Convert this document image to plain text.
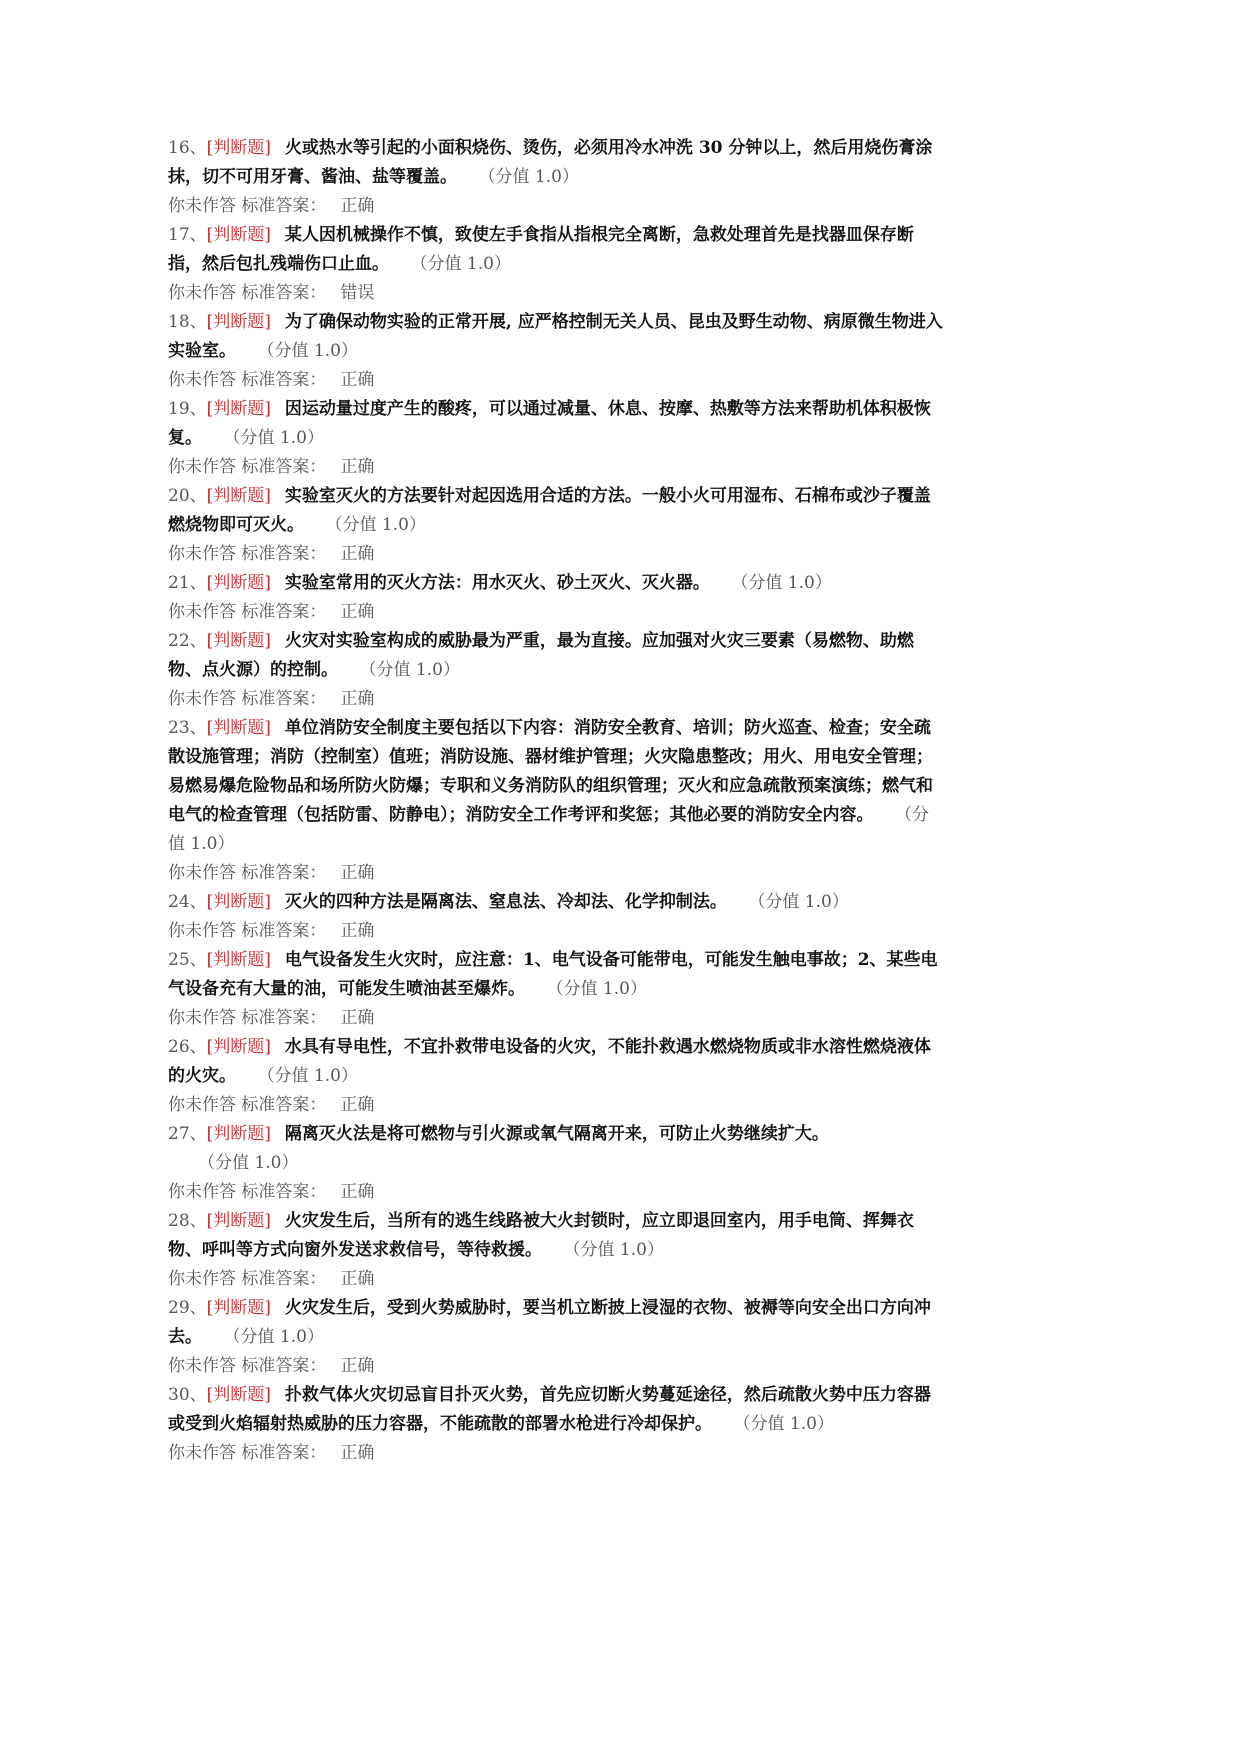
16、[判断题] 火或热水等引起的小面积烧伤、烫伤，必须用冷水冲洗 30 分钟以上，然后用烧伤膏涂抹，切不可用牙膏、酱油、盐等覆盖。 （分值 1.0）

你未作答 标准答案： 正确

17、[判断题] 某人因机械操作不慎，致使左手食指从指根完全离断，急救处理首先是找器皿保存断指，然后包扎残端伤口止血。 （分值 1.0）

你未作答 标准答案： 错误

18、[判断题] 为了确保动物实验的正常开展, 应严格控制无关人员、昆虫及野生动物、病原微生物进入实验室。 （分值 1.0）

你未作答 标准答案： 正确

19、[判断题] 因运动量过度产生的酸疼，可以通过减量、休息、按摩、热敷等方法来帮助机体积极恢复。 （分值 1.0）

你未作答 标准答案： 正确

20、[判断题] 实验室灭火的方法要针对起因选用合适的方法。一般小火可用湿布、石棉布或沙子覆盖燃烧物即可灭火。 （分值 1.0）

你未作答 标准答案： 正确

21、[判断题] 实验室常用的灭火方法：用水灭火、砂土灭火、灭火器。 （分值 1.0）

你未作答 标准答案： 正确

22、[判断题] 火灾对实验室构成的威胁最为严重，最为直接。应加强对火灾三要素（易燃物、助燃物、点火源）的控制。 （分值 1.0）

你未作答 标准答案： 正确

23、[判断题] 单位消防安全制度主要包括以下内容：消防安全教育、培训；防火巡查、检查；安全疏散设施管理；消防（控制室）值班；消防设施、器材维护管理；火灾隐患整改；用火、用电安全管理；易燃易爆危险物品和场所防火防爆；专职和义务消防队的组织管理；灭火和应急疏散预案演练；燃气和电气的检查管理（包括防雷、防静电）；消防安全工作考评和奖惩；其他必要的消防安全内容。 （分值 1.0）

你未作答 标准答案： 正确

24、[判断题] 灭火的四种方法是隔离法、窒息法、冷却法、化学抑制法。 （分值 1.0）

你未作答 标准答案： 正确

25、[判断题] 电气设备发生火灾时，应注意：1、电气设备可能带电，可能发生触电事故；2、某些电气设备充有大量的油，可能发生喷油甚至爆炸。 （分值 1.0）

你未作答 标准答案： 正确

26、[判断题] 水具有导电性，不宜扑救带电设备的火灾，不能扑救遇水燃烧物质或非水溶性燃烧液体的火灾。 （分值 1.0）

你未作答 标准答案： 正确

27、[判断题] 隔离灭火法是将可燃物与引火源或氧气隔离开来，可防止火势继续扩大。（分值 1.0）

你未作答 标准答案： 正确

28、[判断题] 火灾发生后，当所有的逃生线路被大火封锁时，应立即退回室内，用手电筒、挥舞衣物、呼叫等方式向窗外发送求救信号，等待救援。 （分值 1.0）

你未作答 标准答案： 正确

29、[判断题] 火灾发生后，受到火势威胁时，要当机立断披上浸湿的衣物、被褥等向安全出口方向冲去。 （分值 1.0）

你未作答 标准答案： 正确

30、[判断题] 扑救气体火灾切忌盲目扑灭火势，首先应切断火势蔓延途径，然后疏散火势中压力容器或受到火焰辐射热威胁的压力容器，不能疏散的部署水枪进行冷却保护。 （分值 1.0）

你未作答 标准答案： 正确
